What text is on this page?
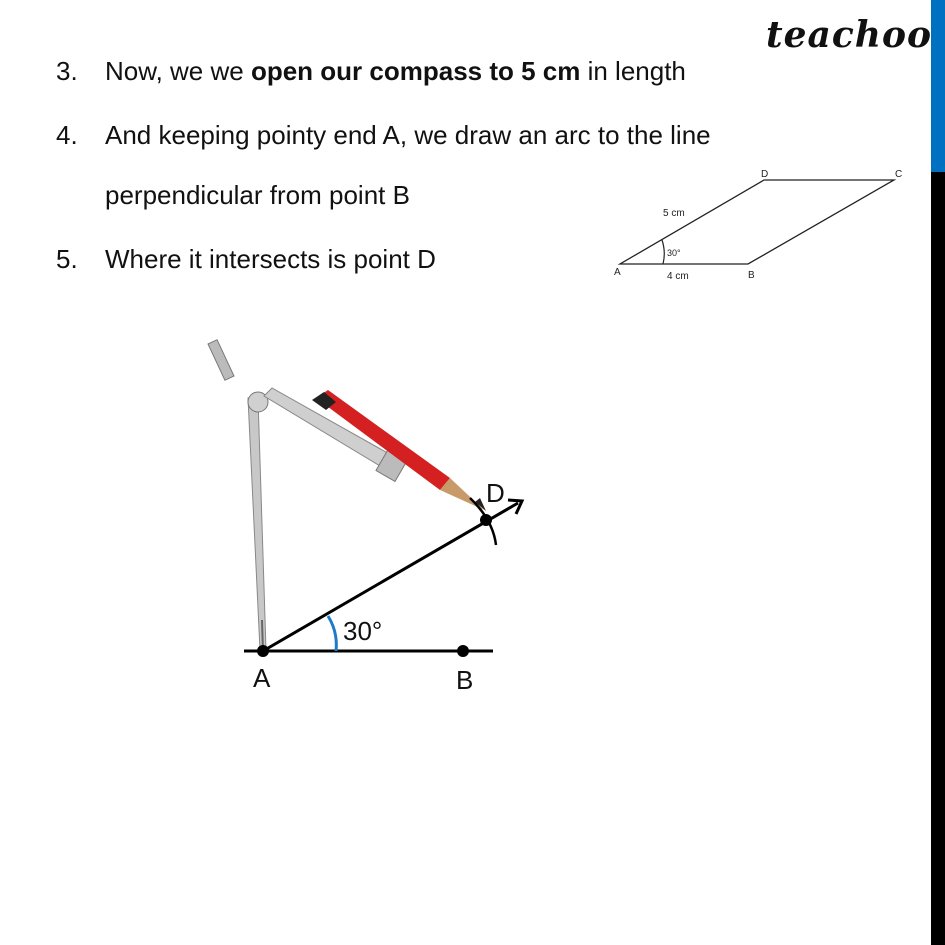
teachoo
3. Now, we we open our compass to 5 cm in length
4. And keeping pointy end A, we draw an arc to the line
perpendicular from point B
5. Where it intersects is point D	A	B
C
D
5 cm
4 cm
30°
A	B
D
30°
